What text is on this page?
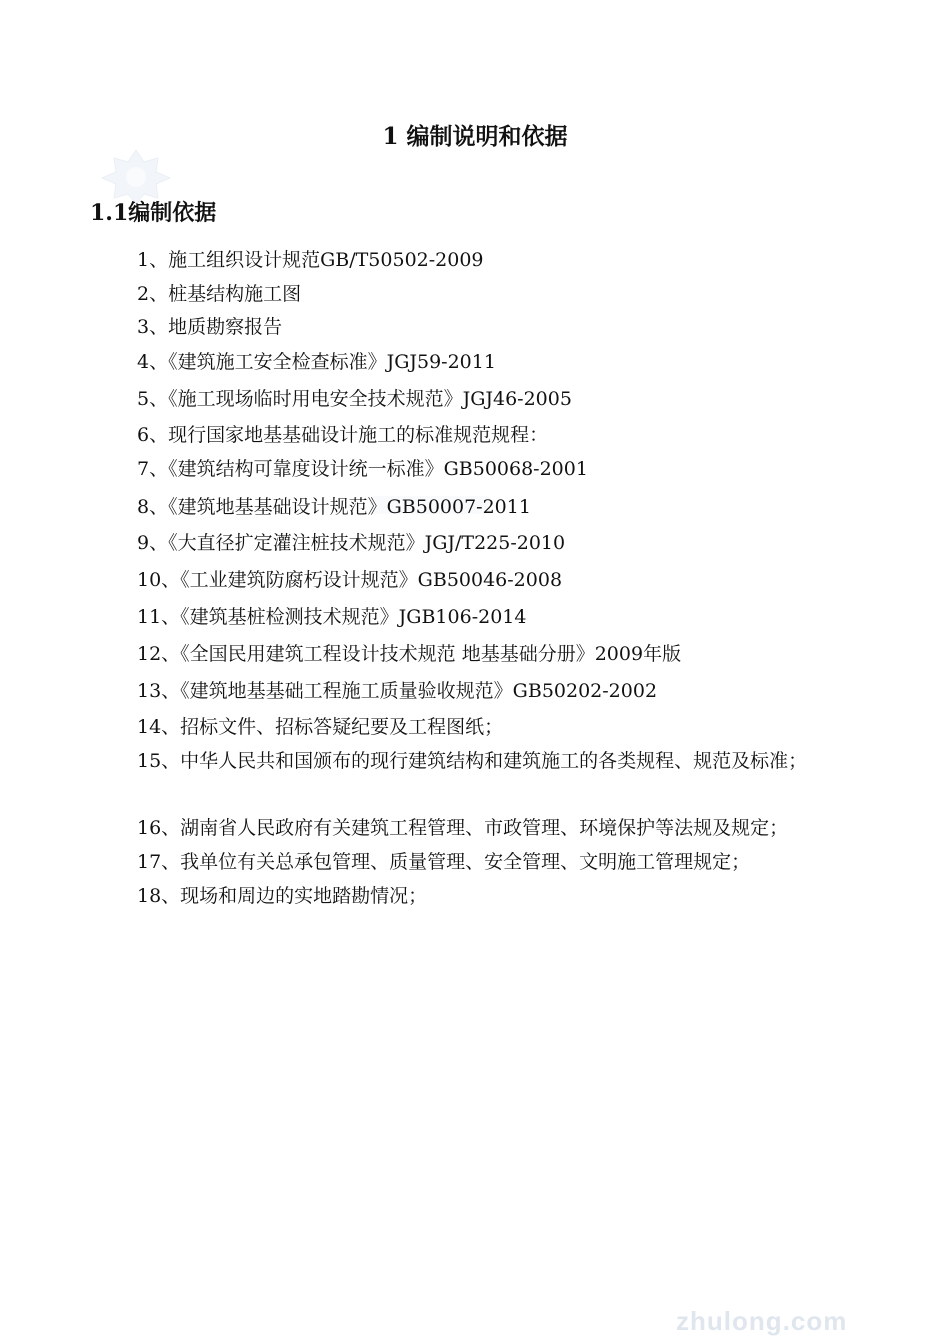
1 编制说明和依据
1.1编制依据
1、施工组织设计规范GB/T50502-2009
2、桩基结构施工图
3、地质勘察报告
4、《建筑施工安全检查标准》JGJ59-2011
5、《施工现场临时用电安全技术规范》JGJ46-2005
6、现行国家地基基础设计施工的标准规范规程：
7、《建筑结构可靠度设计统一标准》GB50068-2001
8、《建筑地基基础设计规范》GB50007-2011
9、《大直径扩定灌注桩技术规范》JGJ/T225-2010
10、《工业建筑防腐朽设计规范》GB50046-2008
11、《建筑基桩检测技术规范》JGB106-2014
12、《全国民用建筑工程设计技术规范 地基基础分册》2009年版
13、《建筑地基基础工程施工质量验收规范》GB50202-2002
14、招标文件、招标答疑纪要及工程图纸；
15、中华人民共和国颁布的现行建筑结构和建筑施工的各类规程、规范及标准；
16、湖南省人民政府有关建筑工程管理、市政管理、环境保护等法规及规定；
17、我单位有关总承包管理、质量管理、安全管理、文明施工管理规定；
18、现场和周边的实地踏勘情况；
zhulong.com
